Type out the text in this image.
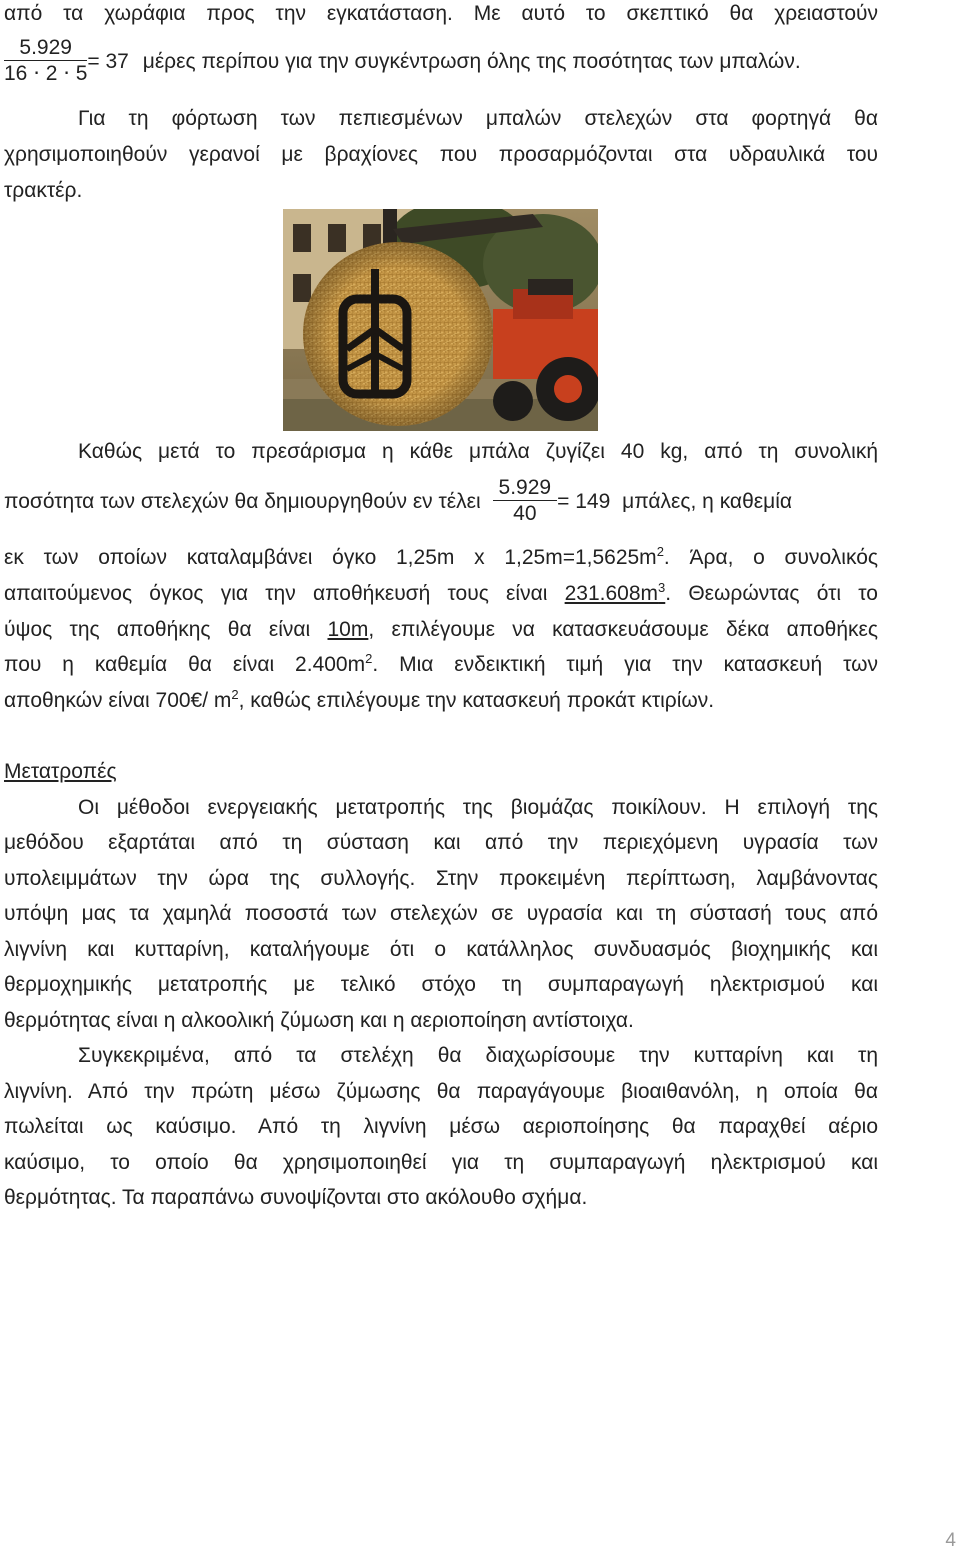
από τα χωράφια προς την εγκατάσταση. Με αυτό το σκεπτικό θα χρειαστούν
$\frac{5.929}{16 \cdot 2 \cdot 5} = 37$ μέρες περίπου για την συγκέντρωση όλης της ποσότητας των μπαλών.
Για τη φόρτωση των πεπιεσμένων μπαλών στελεχών στα φορτηγά θα
χρησιμοποιηθούν γερανοί με βραχίονες που προσαρμόζονται στα υδραυλικά του
τρακτέρ.
Καθώς μετά το πρεσάρισμα η κάθε μπάλα ζυγίζει 40 kg, από τη συνολική
ποσότητα των στελεχών θα δημιουργηθούν εν τέλει $\frac{5.929}{40} = 149$ μπάλες, η καθεμία
εκ των οποίων καταλαμβάνει όγκο 1,25m x $1,25m=1,5625m^2$. Άρα, ο συνολικός
απαιτούμενος όγκος για την αποθήκευσή τους είναι $231.608m^3$. Θεωρώντας ότι το
ύψος της αποθήκης θα είναι 10m, επιλέγουμε να κατασκευάσουμε δέκα αποθήκες
που η καθεμία θα είναι $2.400m^2$. Μια ενδεικτική τιμή για την κατασκευή των
αποθηκών είναι 700€/ $m^2$, καθώς επιλέγουμε την κατασκευή προκάτ κτιρίων.
Μετατροπές
Οι μέθοδοι ενεργειακής μετατροπής της βιομάζας ποικίλουν. Η επιλογή της
μεθόδου εξαρτάται από τη σύσταση και από την περιεχόμενη υγρασία των
υπολειμμάτων την ώρα της συλλογής. Στην προκειμένη περίπτωση, λαμβάνοντας
υπόψη μας τα χαμηλά ποσοστά των στελεχών σε υγρασία και τη σύστασή τους από
λιγνίνη και κυτταρίνη, καταλήγουμε ότι ο κατάλληλος συνδυασμός βιοχημικής και
θερμοχημικής μετατροπής με τελικό στόχο τη συμπαραγωγή ηλεκτρισμού και
θερμότητας είναι η αλκοολική ζύμωση και η αεριοποίηση αντίστοιχα.
Συγκεκριμένα, από τα στελέχη θα διαχωρίσουμε την κυτταρίνη και τη
λιγνίνη. Από την πρώτη μέσω ζύμωσης θα παραγάγουμε βιοαιθανόλη, η οποία θα
πωλείται ως καύσιμο. Από τη λιγνίνη μέσω αεριοποίησης θα παραχθεί αέριο
καύσιμο, το οποίο θα χρησιμοποιηθεί για τη συμπαραγωγή ηλεκτρισμού και
θερμότητας. Τα παραπάνω συνοψίζονται στο ακόλουθο σχήμα.
4
